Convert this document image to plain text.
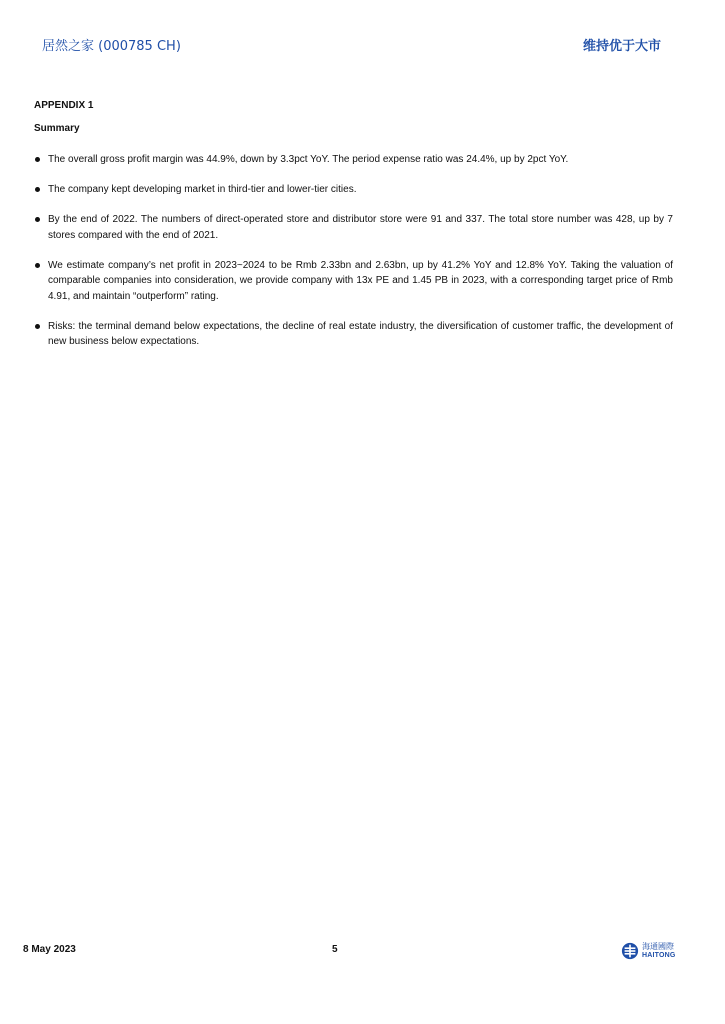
居然之家 (000785 CH)	维持优于大市
APPENDIX 1
Summary
The overall gross profit margin was 44.9%, down by 3.3pct YoY. The period expense ratio was 24.4%, up by 2pct YoY.
The company kept developing market in third-tier and lower-tier cities.
By the end of 2022. The numbers of direct-operated store and distributor store were 91 and 337. The total store number was 428, up by 7 stores compared with the end of 2021.
We estimate company’s net profit in 2023~2024 to be Rmb 2.33bn and 2.63bn, up by 41.2% YoY and 12.8% YoY. Taking the valuation of comparable companies into consideration, we provide company with 13x PE and 1.45 PB in 2023, with a corresponding target price of Rmb 4.91, and maintain “outperform” rating.
Risks: the terminal demand below expectations, the decline of real estate industry, the diversification of customer traffic, the development of new business below expectations.
8 May 2023	5	海通國際
HAITONG
